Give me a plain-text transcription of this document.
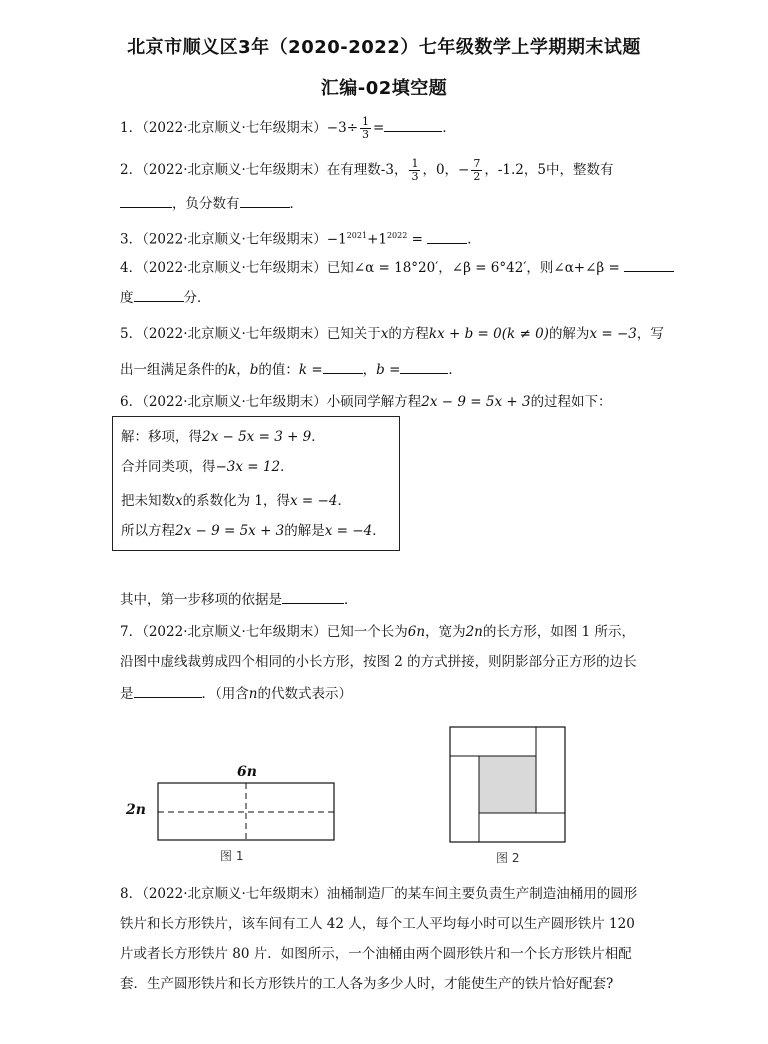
北京市顺义区3年（2020-2022）七年级数学上学期期末试题
汇编-02填空题
1．（2022·北京顺义·七年级期末）$-3\div \frac{1}{3}$ =	．
2．（2022·北京顺义·七年级期末）在有理数-3， $\frac{1}{3}$ ，0，− $\frac{7}{2}$ ，-1.2，5中，整数有
，负分数有	．
3．（2022·北京顺义·七年级期末）$-1^{2021}+1^{2022}$ =	．
4．（2022·北京顺义·七年级期末）已知∠α = 18°20′，∠β = 6°42′，则∠α+∠β =
度	分．
5．（2022·北京顺义·七年级期末）已知关于x的方程kx + b = 0(k ≠ 0)的解为x = −3，写
出一组满足条件的k，b的值：k =	，b =	．
6．（2022·北京顺义·七年级期末）小硕同学解方程2x − 9 = 5x + 3的过程如下：
解：移项，得2x − 5x = 3 + 9．
合并同类项，得−3x = 12．
把未知数x的系数化为 1，得x = −4．
所以方程2x − 9 = 5x + 3的解是x = −4．
其中，第一步移项的依据是	．
7．（2022·北京顺义·七年级期末）已知一个长为6n，宽为2n的长方形，如图 1 所示，
沿图中虚线裁剪成四个相同的小长方形，按图 2 的方式拼接，则阴影部分正方形的边长
是	．（用含n的代数式表示）
6n
2n
图 1	图 2
8．（2022·北京顺义·七年级期末）油桶制造厂的某车间主要负责生产制造油桶用的圆形
铁片和长方形铁片，该车间有工人 42 人，每个工人平均每小时可以生产圆形铁片 120
片或者长方形铁片 80 片．如图所示，一个油桶由两个圆形铁片和一个长方形铁片相配
套．生产圆形铁片和长方形铁片的工人各为多少人时，才能使生产的铁片恰好配套?
